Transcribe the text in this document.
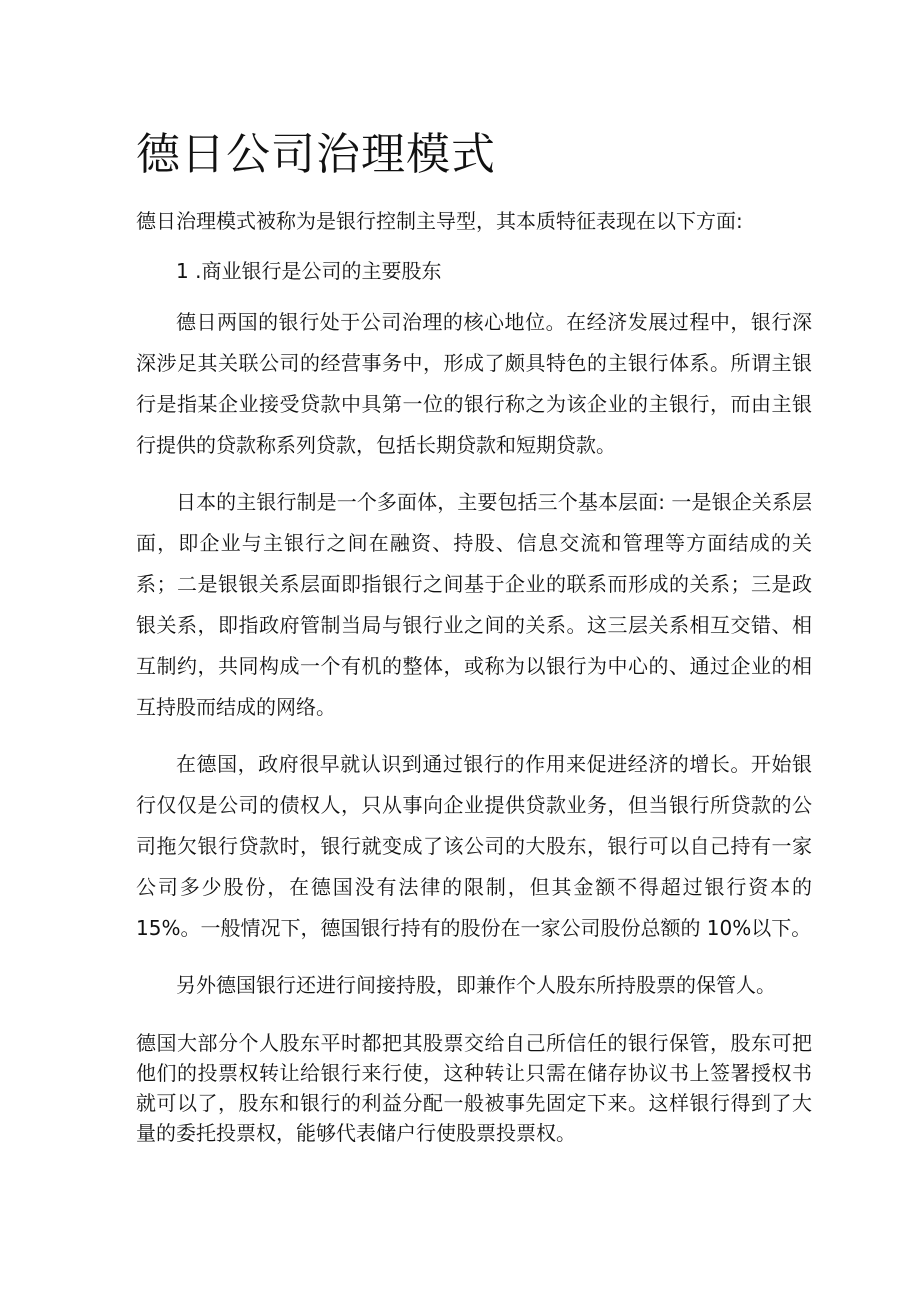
德日公司治理模式

德日治理模式被称为是银行控制主导型，其本质特征表现在以下方面:

1 .商业银行是公司的主要股东

德日两国的银行处于公司治理的核心地位。在经济发展过程中，银行深深涉足其关联公司的经营事务中，形成了颇具特色的主银行体系。所谓主银行是指某企业接受贷款中具第一位的银行称之为该企业的主银行，而由主银行提供的贷款称系列贷款，包括长期贷款和短期贷款。

日本的主银行制是一个多面体，主要包括三个基本层面: 一是银企关系层面，即企业与主银行之间在融资、持股、信息交流和管理等方面结成的关系；二是银银关系层面即指银行之间基于企业的联系而形成的关系；三是政银关系，即指政府管制当局与银行业之间的关系。这三层关系相互交错、相互制约，共同构成一个有机的整体，或称为以银行为中心的、通过企业的相互持股而结成的网络。

在德国，政府很早就认识到通过银行的作用来促进经济的增长。开始银行仅仅是公司的债权人，只从事向企业提供贷款业务，但当银行所贷款的公司拖欠银行贷款时，银行就变成了该公司的大股东，银行可以自己持有一家公司多少股份，在德国没有法律的限制，但其金额不得超过银行资本的 15%。一般情况下，德国银行持有的股份在一家公司股份总额的 10%以下。

另外德国银行还进行间接持股，即兼作个人股东所持股票的保管人。

德国大部分个人股东平时都把其股票交给自己所信任的银行保管，股东可把他们的投票权转让给银行来行使，这种转让只需在储存协议书上签署授权书就可以了，股东和银行的利益分配一般被事先固定下来。这样银行得到了大量的委托投票权，能够代表储户行使股票投票权。
